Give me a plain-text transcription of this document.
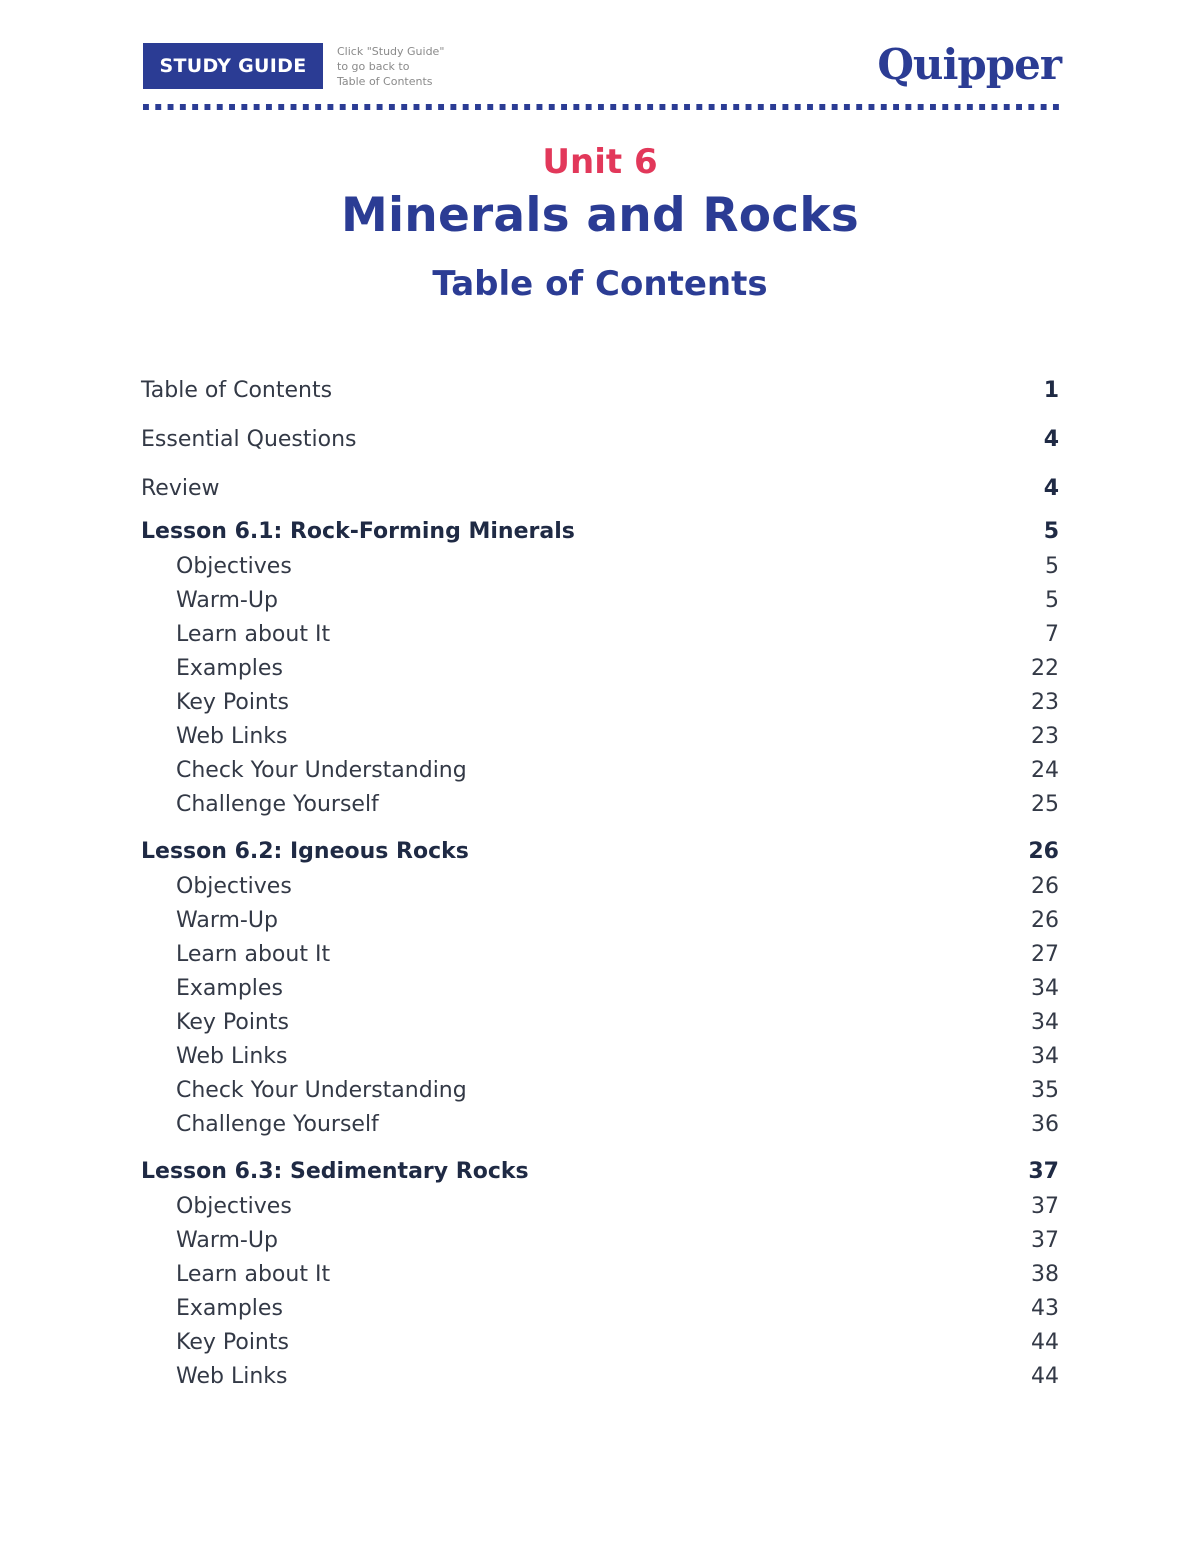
STUDY GUIDE
Click "Study Guide"
to go back to
Table of Contents	Quipper
Unit 6
Minerals and Rocks
Table of Contents
Table of Contents	1
Essential Questions	4
Review	4
Lesson 6.1: Rock-Forming Minerals	5
Objectives	5
Warm-Up	5
Learn about It	7
Examples	22
Key Points	23
Web Links	23
Check Your Understanding	24
Challenge Yourself	25
Lesson 6.2: Igneous Rocks	26
Objectives	26
Warm-Up	26
Learn about It	27
Examples	34
Key Points	34
Web Links	34
Check Your Understanding	35
Challenge Yourself	36
Lesson 6.3: Sedimentary Rocks	37
Objectives	37
Warm-Up	37
Learn about It	38
Examples	43
Key Points	44
Web Links	44
